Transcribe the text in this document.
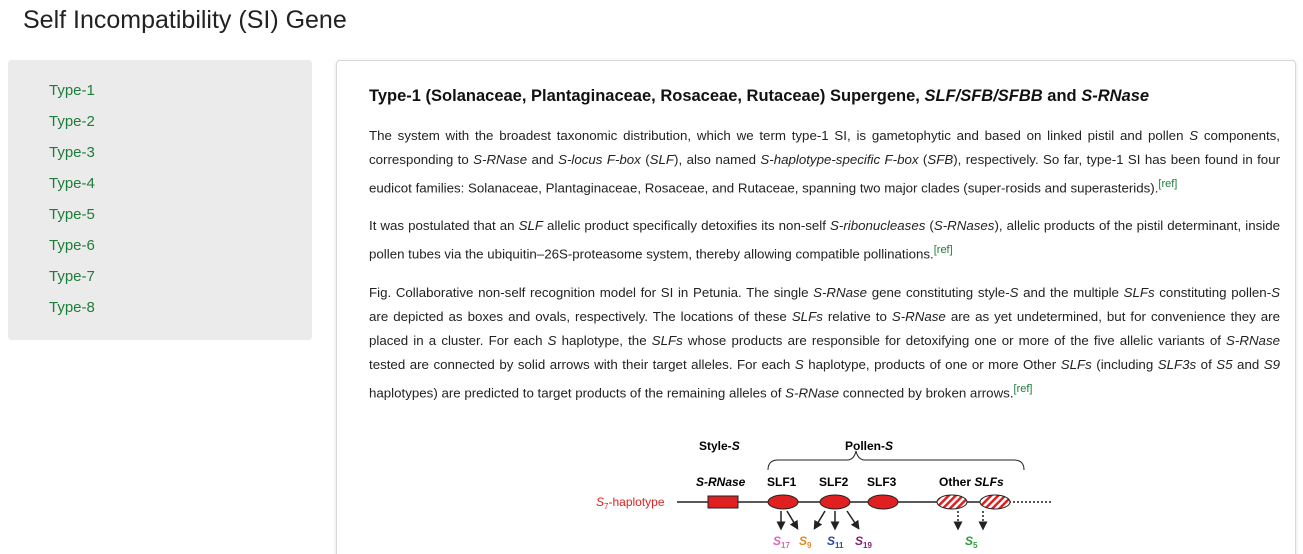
Self Incompatibility (SI) Gene
Type-1
Type-2
Type-3
Type-4
Type-5
Type-6
Type-7
Type-8
Type-1 (Solanaceae, Plantaginaceae, Rosaceae, Rutaceae) Supergene, SLF/SFB/SFBB and S-RNase

The system with the broadest taxonomic distribution, which we term type-1 SI, is gametophytic and based on linked pistil and pollen S components, corresponding to S-RNase and S-locus F-box (SLF), also named S-haplotype-specific F-box (SFB), respectively. So far, type-1 SI has been found in four eudicot families: Solanaceae, Plantaginaceae, Rosaceae, and Rutaceae, spanning two major clades (super-rosids and superasterids).[ref]

It was postulated that an SLF allelic product specifically detoxifies its non-self S-ribonucleases (S-RNases), allelic products of the pistil determinant, inside pollen tubes via the ubiquitin–26S-proteasome system, thereby allowing compatible pollinations.[ref]

Fig. Collaborative non-self recognition model for SI in Petunia. The single S-RNase gene constituting style-S and the multiple SLFs constituting pollen-S are depicted as boxes and ovals, respectively. The locations of these SLFs relative to S-RNase are as yet undetermined, but for convenience they are placed in a cluster. For each S haplotype, the SLFs whose products are responsible for detoxifying one or more of the five allelic variants of S-RNase tested are connected by solid arrows with their target alleles. For each S haplotype, products of one or more Other SLFs (including SLF3s of S5 and S9 haplotypes) are predicted to target products of the remaining alleles of S-RNase connected by broken arrows.[ref]

Style-S	Pollen-S
S-RNase SLF1 SLF2 SLF3	Other SLFs
$S_7$-haplotype
$S_{17}$ $S_9$ $S_{11}$ $S_{19}$	$S_5$
